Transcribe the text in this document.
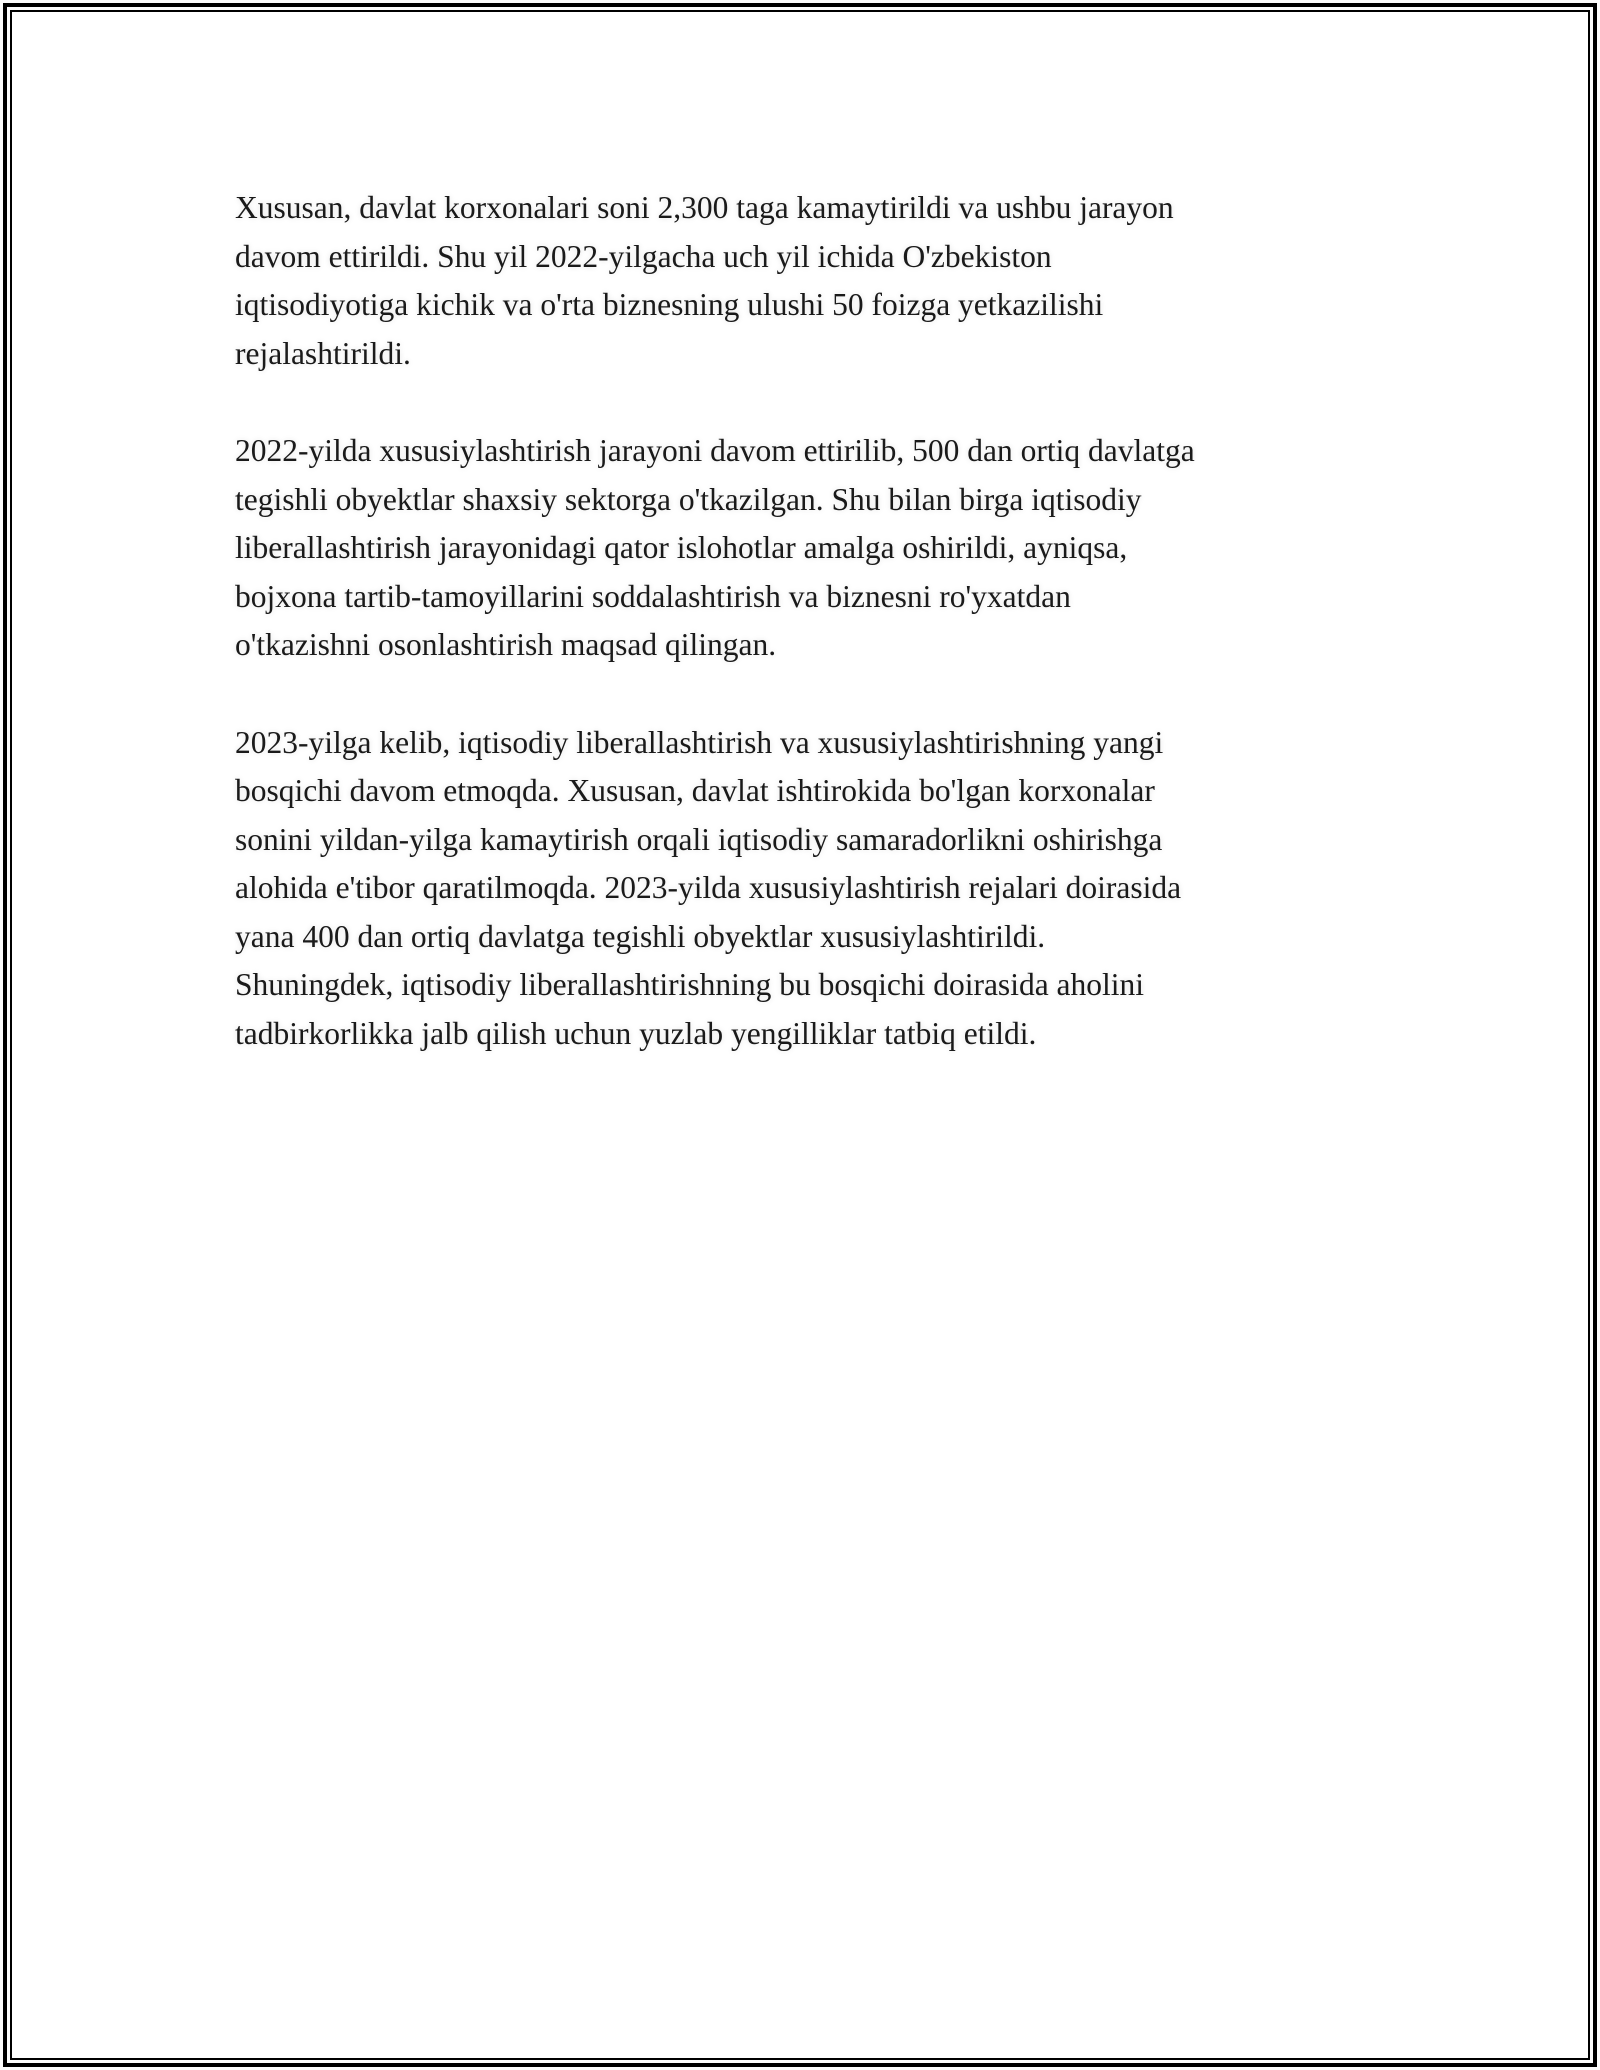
Xususan, davlat korxonalari soni 2,300 taga kamaytirildi va ushbu jarayon
davom ettirildi. Shu yil 2022-yilgacha uch yil ichida O'zbekiston
iqtisodiyotiga kichik va o'rta biznesning ulushi 50 foizga yetkazilishi
rejalashtirildi.

2022-yilda xususiylashtirish jarayoni davom ettirilib, 500 dan ortiq davlatga
tegishli obyektlar shaxsiy sektorga o'tkazilgan. Shu bilan birga iqtisodiy
liberallashtirish jarayonidagi qator islohotlar amalga oshirildi, ayniqsa,
bojxona tartib-tamoyillarini soddalashtirish va biznesni ro'yxatdan
o'tkazishni osonlashtirish maqsad qilingan.

2023-yilga kelib, iqtisodiy liberallashtirish va xususiylashtirishning yangi
bosqichi davom etmoqda. Xususan, davlat ishtirokida bo'lgan korxonalar
sonini yildan-yilga kamaytirish orqali iqtisodiy samaradorlikni oshirishga
alohida e'tibor qaratilmoqda. 2023-yilda xususiylashtirish rejalari doirasida
yana 400 dan ortiq davlatga tegishli obyektlar xususiylashtirildi.
Shuningdek, iqtisodiy liberallashtirishning bu bosqichi doirasida aholini
tadbirkorlikka jalb qilish uchun yuzlab yengilliklar tatbiq etildi.
